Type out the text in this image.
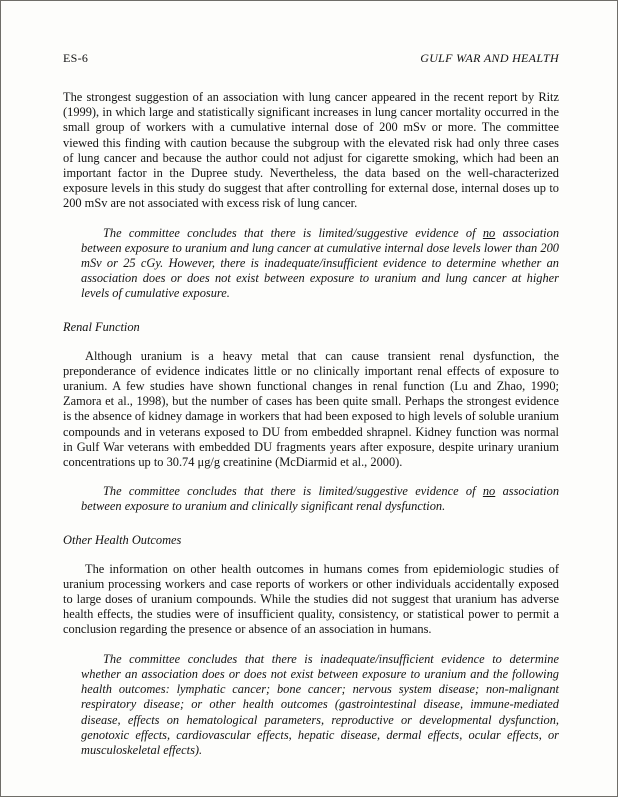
ES-6	GULF WAR AND HEALTH

The strongest suggestion of an association with lung cancer appeared in the recent report by Ritz (1999), in which large and statistically significant increases in lung cancer mortality occurred in the small group of workers with a cumulative internal dose of 200 mSv or more. The committee viewed this finding with caution because the subgroup with the elevated risk had only three cases of lung cancer and because the author could not adjust for cigarette smoking, which had been an important factor in the Dupree study. Nevertheless, the data based on the well-characterized exposure levels in this study do suggest that after controlling for external dose, internal doses up to 200 mSv are not associated with excess risk of lung cancer.

The committee concludes that there is limited/suggestive evidence of no association between exposure to uranium and lung cancer at cumulative internal dose levels lower than 200 mSv or 25 cGy. However, there is inadequate/insufficient evidence to determine whether an association does or does not exist between exposure to uranium and lung cancer at higher levels of cumulative exposure.

Renal Function

Although uranium is a heavy metal that can cause transient renal dysfunction, the preponderance of evidence indicates little or no clinically important renal effects of exposure to uranium. A few studies have shown functional changes in renal function (Lu and Zhao, 1990; Zamora et al., 1998), but the number of cases has been quite small. Perhaps the strongest evidence is the absence of kidney damage in workers that had been exposed to high levels of soluble uranium compounds and in veterans exposed to DU from embedded shrapnel. Kidney function was normal in Gulf War veterans with embedded DU fragments years after exposure, despite urinary uranium concentrations up to 30.74 μg/g creatinine (McDiarmid et al., 2000).

The committee concludes that there is limited/suggestive evidence of no association between exposure to uranium and clinically significant renal dysfunction.

Other Health Outcomes

The information on other health outcomes in humans comes from epidemiologic studies of uranium processing workers and case reports of workers or other individuals accidentally exposed to large doses of uranium compounds. While the studies did not suggest that uranium has adverse health effects, the studies were of insufficient quality, consistency, or statistical power to permit a conclusion regarding the presence or absence of an association in humans.

The committee concludes that there is inadequate/insufficient evidence to determine whether an association does or does not exist between exposure to uranium and the following health outcomes: lymphatic cancer; bone cancer; nervous system disease; non-malignant respiratory disease; or other health outcomes (gastrointestinal disease, immune-mediated disease, effects on hematological parameters, reproductive or developmental dysfunction, genotoxic effects, cardiovascular effects, hepatic disease, dermal effects, ocular effects, or musculoskeletal effects).
